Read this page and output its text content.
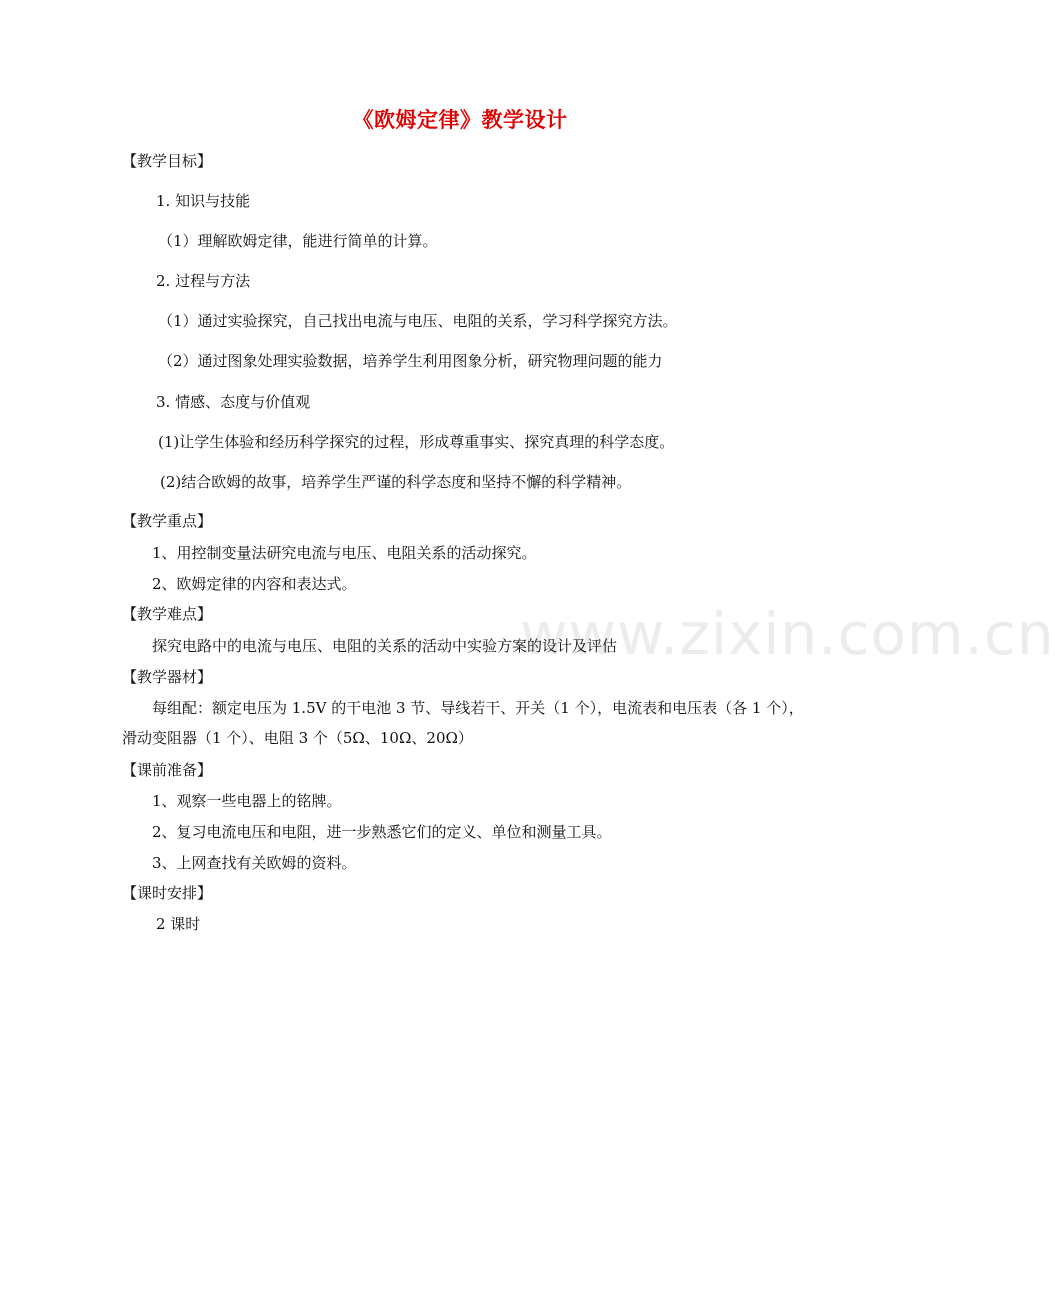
www.zixin.com.cn
《欧姆定律》教学设计
【教学目标】
1. 知识与技能
（1）理解欧姆定律，能进行简单的计算。
2. 过程与方法
（1）通过实验探究，自己找出电流与电压、电阻的关系，学习科学探究方法。
（2）通过图象处理实验数据，培养学生利用图象分析，研究物理问题的能力
3. 情感、态度与价值观
(1)让学生体验和经历科学探究的过程，形成尊重事实、探究真理的科学态度。
(2)结合欧姆的故事，培养学生严谨的科学态度和坚持不懈的科学精神。
【教学重点】
1、用控制变量法研究电流与电压、电阻关系的活动探究。
2、欧姆定律的内容和表达式。
【教学难点】
探究电路中的电流与电压、电阻的关系的活动中实验方案的设计及评估
【教学器材】
每组配：额定电压为 1.5V 的干电池 3 节、导线若干、开关（1 个），电流表和电压表（各 1 个），
滑动变阻器（1 个）、电阻 3 个（5Ω、10Ω、20Ω）
【课前准备】
1、观察一些电器上的铭牌。
2、复习电流电压和电阻，进一步熟悉它们的定义、单位和测量工具。
3、上网查找有关欧姆的资料。
【课时安排】
2 课时
